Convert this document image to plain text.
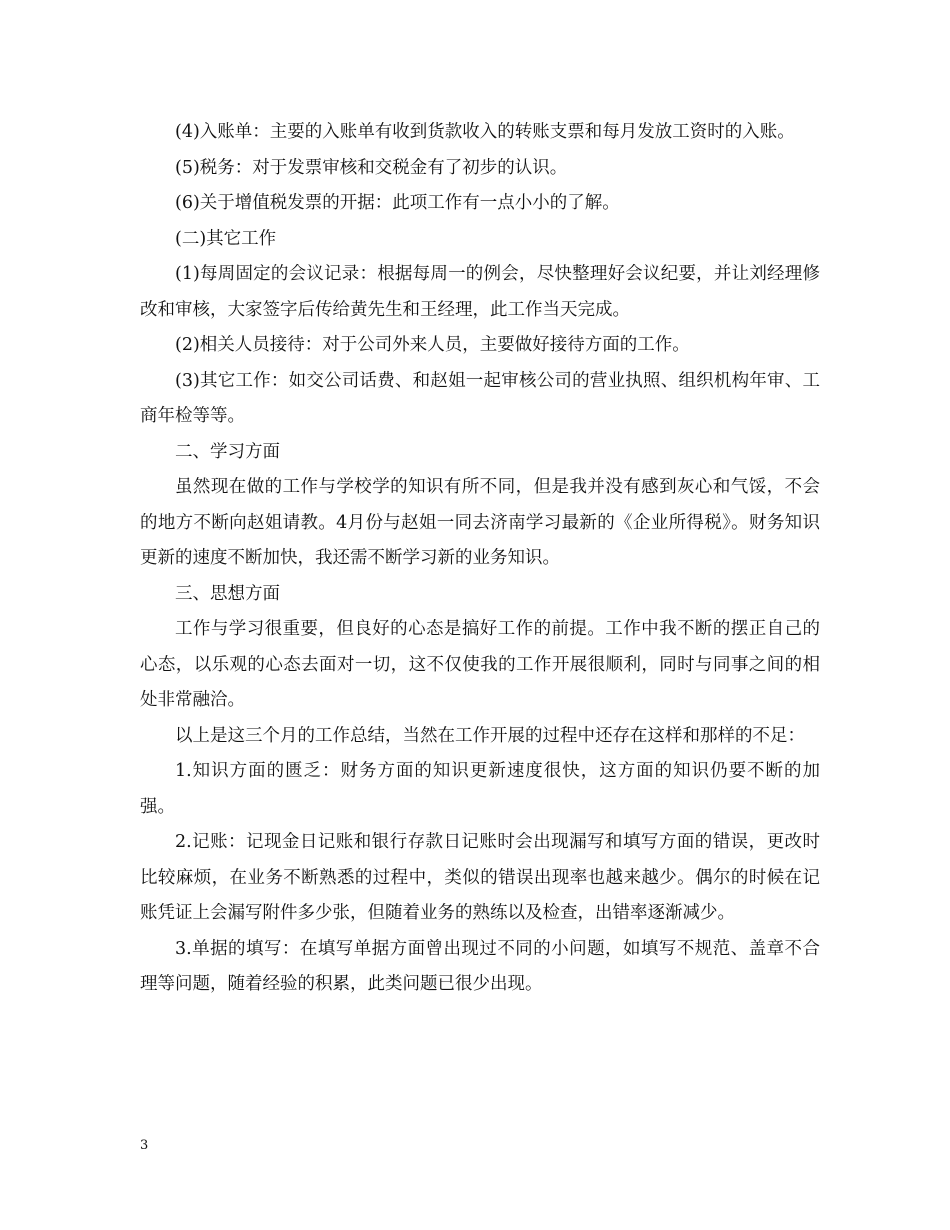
(4)入账单：主要的入账单有收到货款收入的转账支票和每月发放工资时的入账。

(5)税务：对于发票审核和交税金有了初步的认识。

(6)关于增值税发票的开据：此项工作有一点小小的了解。

(二)其它工作

(1)每周固定的会议记录：根据每周一的例会，尽快整理好会议纪要，并让刘经理修改和审核，大家签字后传给黄先生和王经理，此工作当天完成。

(2)相关人员接待：对于公司外来人员，主要做好接待方面的工作。

(3)其它工作：如交公司话费、和赵姐一起审核公司的营业执照、组织机构年审、工商年检等等。

二、学习方面

虽然现在做的工作与学校学的知识有所不同，但是我并没有感到灰心和气馁，不会的地方不断向赵姐请教。4月份与赵姐一同去济南学习最新的《企业所得税》。财务知识更新的速度不断加快，我还需不断学习新的业务知识。

三、思想方面

工作与学习很重要，但良好的心态是搞好工作的前提。工作中我不断的摆正自己的心态，以乐观的心态去面对一切，这不仅使我的工作开展很顺利，同时与同事之间的相处非常融洽。

以上是这三个月的工作总结，当然在工作开展的过程中还存在这样和那样的不足：

1.知识方面的匮乏：财务方面的知识更新速度很快，这方面的知识仍要不断的加强。

2.记账：记现金日记账和银行存款日记账时会出现漏写和填写方面的错误，更改时比较麻烦，在业务不断熟悉的过程中，类似的错误出现率也越来越少。偶尔的时候在记账凭证上会漏写附件多少张，但随着业务的熟练以及检查，出错率逐渐减少。

3.单据的填写：在填写单据方面曾出现过不同的小问题，如填写不规范、盖章不合理等问题，随着经验的积累，此类问题已很少出现。

3
